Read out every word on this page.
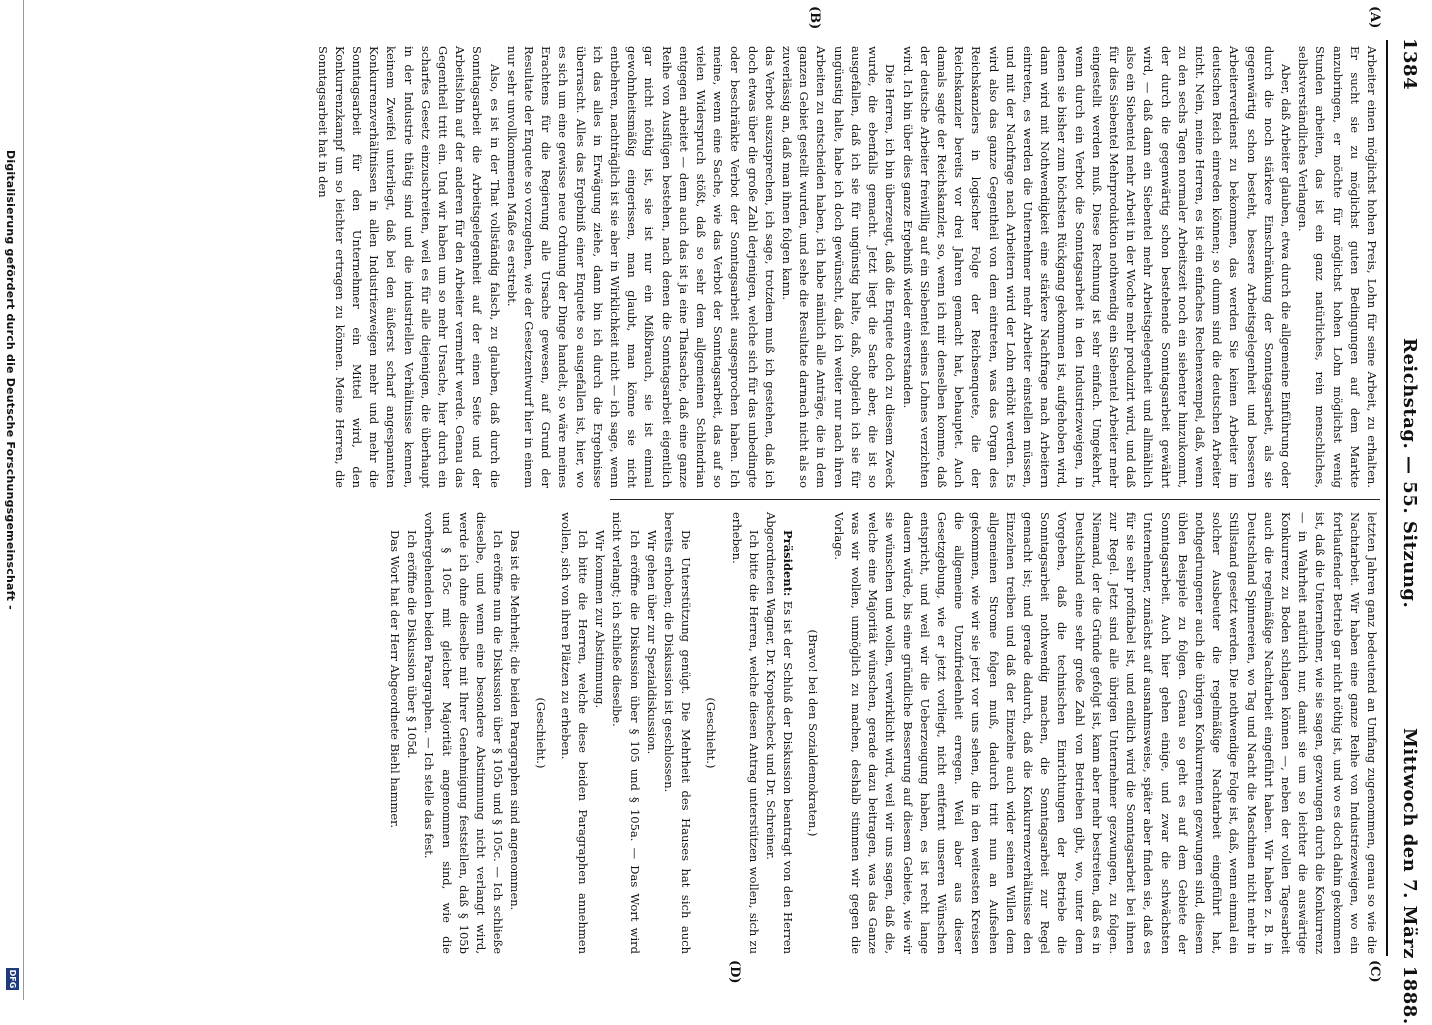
1384
Reichstag. — 55. Sitzung.
Mittwoch den 7. März 1888.
(A)
(B)
(C)
(D)

Arbeiter einen möglichst hohen Preis, Lohn für seine Arbeit, zu erhalten. Er sucht sie zu möglichst guten Bedingungen auf dem Markte anzubringen, er möchte für möglichst hohen Lohn möglichst wenig Stunden arbeiten, das ist ein ganz natürliches, rein menschliches, selbstverständliches Verlangen.

Aber, daß Arbeiter glauben, etwa durch die allgemeine Einführung oder durch die noch stärkere Einschränkung der Sonntagsarbeit, als sie gegenwärtig schon besteht, bessere Arbeitsgelegenheit und besseren Arbeiterverdienst zu bekommen, das werden Sie keinen Arbeiter im deutschen Reich einreden können; so dumm sind die deutschen Arbeiter nicht. Nein, meine Herren, es ist ein einfaches Rechenexempel, daß, wenn zu den sechs Tagen normaler Arbeitszeit noch ein siebenter hinzukommt, der durch die gegenwärtig schon bestehende Sonntagsarbeit gewährt wird, — daß dann ein Siebentel mehr Arbeitsgelegenheit und allmählich also ein Siebentel mehr Arbeit in der Woche mehr produzirt wird, und daß für dies Siebentel Mehrproduktion nothwendig ein Siebentel Arbeiter mehr eingestellt werden muß. Diese Rechnung ist sehr einfach. Umgekehrt, wenn durch ein Verbot die Sonntagsarbeit in den Industriezweigen, in denen sie bisher zum höchsten Rückgang gekommen ist, aufgehoben wird, dann wird mit Nothwendigkeit eine stärkere Nachfrage nach Arbeitern eintreten, es werden die Unternehmer mehr Arbeiter einstellen müssen, und mit der Nachfrage nach Arbeitern wird der Lohn erhöht werden. Es wird also das ganze Gegentheil von dem eintreten, was das Organ des Reichskanzlers in logischer Folge der Reichsenquete, die der Reichskanzler bereits vor drei Jahren gemacht hat, behauptet. Auch damals sagte der Reichskanzler, so, wenn ich mir denselben komme, daß der deutsche Arbeiter freiwillig auf ein Siebentel seines Lohnes verzichten wird. Ich bin über dies ganze Ergebniß wieder einverstanden.

Die Herren, ich bin überzeugt, daß die Enquete doch zu diesem Zweck wurde, die ebenfalls gemacht. Jetzt liegt die Sache aber, die ist so ausgefallen, daß ich sie für ungünstig halte, daß, obgleich ich sie für ungünstig halte, habe ich doch gewünscht, daß ich weiter nur nach ihren Arbeiten zu entscheiden haben, ich habe nämlich alle Anträge, die in dem ganzen Gebiet gestellt wurden, und sehe die Resultate darnach nicht als so zuverlässig an, daß man ihnen folgen kann.

das Verbot auszusprechen, ich sage, trotzdem muß ich gestehen, daß ich doch etwas über die große Zahl derjenigen, welche sich für das unbedingte oder beschränkte Verbot der Sonntagsarbeit ausgesprochen haben. Ich meine, wenn eine Sache, wie das Verbot der Sonntagsarbeit, das auf so vielen Widerspruch stößt, daß so sehr dem allgemeinen Schlendrian entgegen arbeitet — denn auch das ist ja eine Thatsache, daß eine ganze Reihe von Ausflügen bestehen, nach denen die Sonntagsarbeit eigentlich gar nicht nöthig ist, sie ist nur ein Mißbrauch, sie ist einmal gewohnheitsmäßig eingerissen, man glaubt, man könne sie nicht entbehren, nachträglich ist sie aber in Wirklichkeit nicht — ich sage, wenn ich das alles in Erwägung ziehe, dann bin ich durch die Ergebnisse überrascht. Alles das Ergebniß einer Enquete so ausgefallen ist, hier, wo es sich um eine gewisse neue Ordnung der Dinge handelt, so wäre meines Erachtens für die Regierung alle Ursache gewesen, auf Grund der Resultate der Enquete so vorzugehen, wie der Gesetzentwurf hier in einem nur sehr unvollkommenen Maße es erstrebt.

Also, es ist in der That vollständig falsch, zu glauben, daß durch die Sonntagsarbeit die Arbeitsgelegenheit auf der einen Seite und der Arbeitslohn auf der anderen für den Arbeiter vermehrt werde. Genau das Gegentheil tritt ein. Und wir haben um so mehr Ursache, hier durch ein scharfes Gesetz einzuschreiten, weil es für alle diejenigen, die überhaupt in der Industrie thätig sind und die industriellen Verhältnisse kennen, keinem Zweifel unterliegt, daß bei den äußerst scharf angespannten Konkurrenzverhältnissen in allen Industriezweigen mehr und mehr die Sonntagsarbeit für den Unternehmer ein Mittel wird, den Konkurrenzkampf um so leichter ertragen zu können. Meine Herren, die Sonntagsarbeit hat in den

letzten Jahren ganz bedeutend an Umfang zugenommen, genau so wie die Nachtarbeit. Wir haben eine ganze Reihe von Industriezweigen, wo ein fortlaufender Betrieb gar nicht nöthig ist, und wo es doch dahin gekommen ist, daß die Unternehmer, wie sie sagen, gezwungen durch die Konkurrenz — in Wahrheit natürlich nur, damit sie um so leichter die auswärtige Konkurrenz zu Boden schlagen können —, neben der vollen Tagesarbeit auch die regelmäßige Nachtarbeit eingeführt haben. Wir haben z. B. in Deutschland Spinnereien, wo Tag und Nacht die Maschinen nicht mehr in Stillstand gesetzt werden. Die nothwendige Folge ist, daß, wenn einmal ein solcher Ausbeuter die regelmäßige Nachtarbeit eingeführt hat, nothgedrungener auch die übrigen Konkurrenten gezwungen sind, diesem üblen Beispiele zu folgen. Genau so geht es auf dem Gebiete der Sonntagsarbeit. Auch hier gehen einige, und zwar die schwächsten Unternehmer, zunächst auf ausnahmsweise, später aber finden sie, daß es für sie sehr profitabel ist, und endlich wird die Sonntagsarbeit bei ihnen zur Regel. Jetzt sind alle übrigen Unternehmer gezwungen, zu folgen. Niemand, der die Gründe gefolgt ist, kann aber mehr bestreiten, daß es in Deutschland eine sehr große Zahl von Betrieben gibt, wo, unter dem Vorgeben, daß die technischen Einrichtungen der Betriebe die Sonntagsarbeit nothwendig machen, die Sonntagsarbeit zur Regel gemacht ist; und gerade dadurch, daß die Konkurrenzverhältnisse den Einzelnen treiben und daß der Einzelne auch wider seinen Willen dem allgemeinen Strome folgen muß, dadurch tritt nun an Aufsehen gekommen, wie wir sie jetzt vor uns sehen, die in den weitesten Kreisen die allgemeine Unzufriedenheit erregen. Weil aber aus dieser Gesetzgebung, wie er jetzt vorliegt, nicht entfernt unseren Wünschen entspricht, und weil wir die Ueberzeugung haben, es ist recht lange dauern würde, bis eine gründliche Besserung auf diesem Gebiete, wie wir sie wünschen und wollen, verwirklicht wird, weil wir uns sagen, daß die, welche eine Majorität wünschen, gerade dazu beitragen, was das Ganze was wir wollen, unmöglich zu machen, deshalb stimmen wir gegen die Vorlage.

(Bravo! bei den Sozialdemokraten.)

Präsident: Es ist der Schluß der Diskussion beantragt von den Herren Abgeordneten Wagner, Dr. Kropatscheck und Dr. Schreiner.

Ich bitte die Herren, welche diesen Antrag unterstützen wollen, sich zu erheben.

(Geschieht.)

Die Unterstützung genügt. Die Mehrheit des Hauses hat sich auch bereits erhoben; die Diskussion ist geschlossen.

Wir gehen über zur Spezialdiskussion.

Ich eröffne die Diskussion über § 105 und § 105a. — Das Wort wird nicht verlangt; ich schließe dieselbe.

Wir kommen zur Abstimmung.

Ich bitte die Herren, welche diese beiden Paragraphen annehmen wollen, sich von ihren Plätzen zu erheben.

(Geschieht.)

Das ist die Mehrheit; die beiden Paragraphen sind angenommen.

Ich eröffne nun die Diskussion über § 105b und § 105c. — Ich schließe dieselbe, und wenn eine besondere Abstimmung nicht verlangt wird, werde ich ohne dieselbe mit Ihrer Genehmigung feststellen, daß § 105b und § 105c mit gleicher Majorität angenommen sind, wie die vorhergehenden beiden Paragraphen. — Ich stelle das fest.

Ich eröffne die Diskussion über § 105d.

Das Wort hat der Herr Abgeordnete Biehl hammer.

Digitalisierung gefördert durch die Deutsche Forschungsgemeinschaft -
DFG
